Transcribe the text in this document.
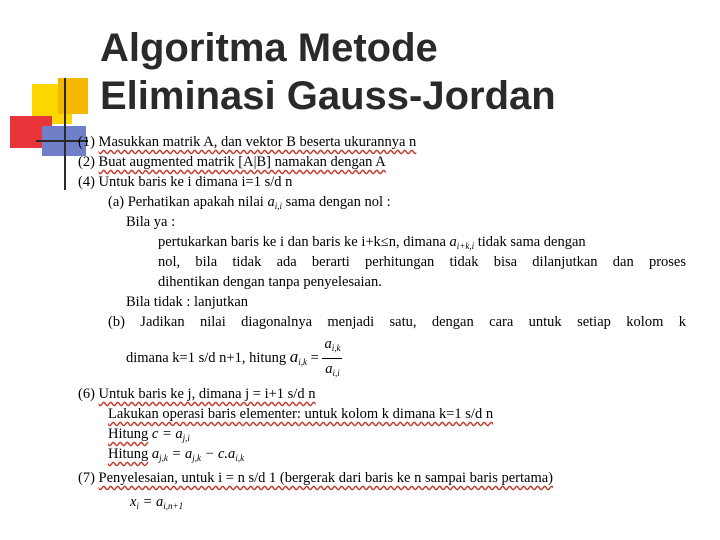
Algoritma Metode
Eliminasi Gauss-Jordan
(1) Masukkan matrik A, dan vektor B beserta ukurannya n
(2) Buat augmented matrik [A|B] namakan dengan A
(4) Untuk baris ke i dimana i=1 s/d n
(a) Perhatikan apakah nilai $a_{i,i}$ sama dengan nol :
Bila ya :
pertukarkan baris ke i dan baris ke i+k≤n, dimana $a_{i+k,i}$ tidak sama dengan
nol, bila tidak ada berarti perhitungan tidak bisa dilanjutkan dan proses
dihentikan dengan tanpa penyelesaian.
Bila tidak : lanjutkan
(b) Jadikan nilai diagonalnya menjadi satu, dengan cara untuk setiap kolom k
dimana k=1 s/d n+1, hitung $a_{i,k} = \frac{a_{i,k}}{a_{i,i}}$
(6) Untuk baris ke j, dimana j = i+1 s/d n
Lakukan operasi baris elementer: untuk kolom k dimana k=1 s/d n
Hitung $c = a_{j,i}$
Hitung $a_{j,k} = a_{j,k} - c.a_{i,k}$
(7) Penyelesaian, untuk i = n s/d 1 (bergerak dari baris ke n sampai baris pertama)
$x_i = a_{i,n+1}$
